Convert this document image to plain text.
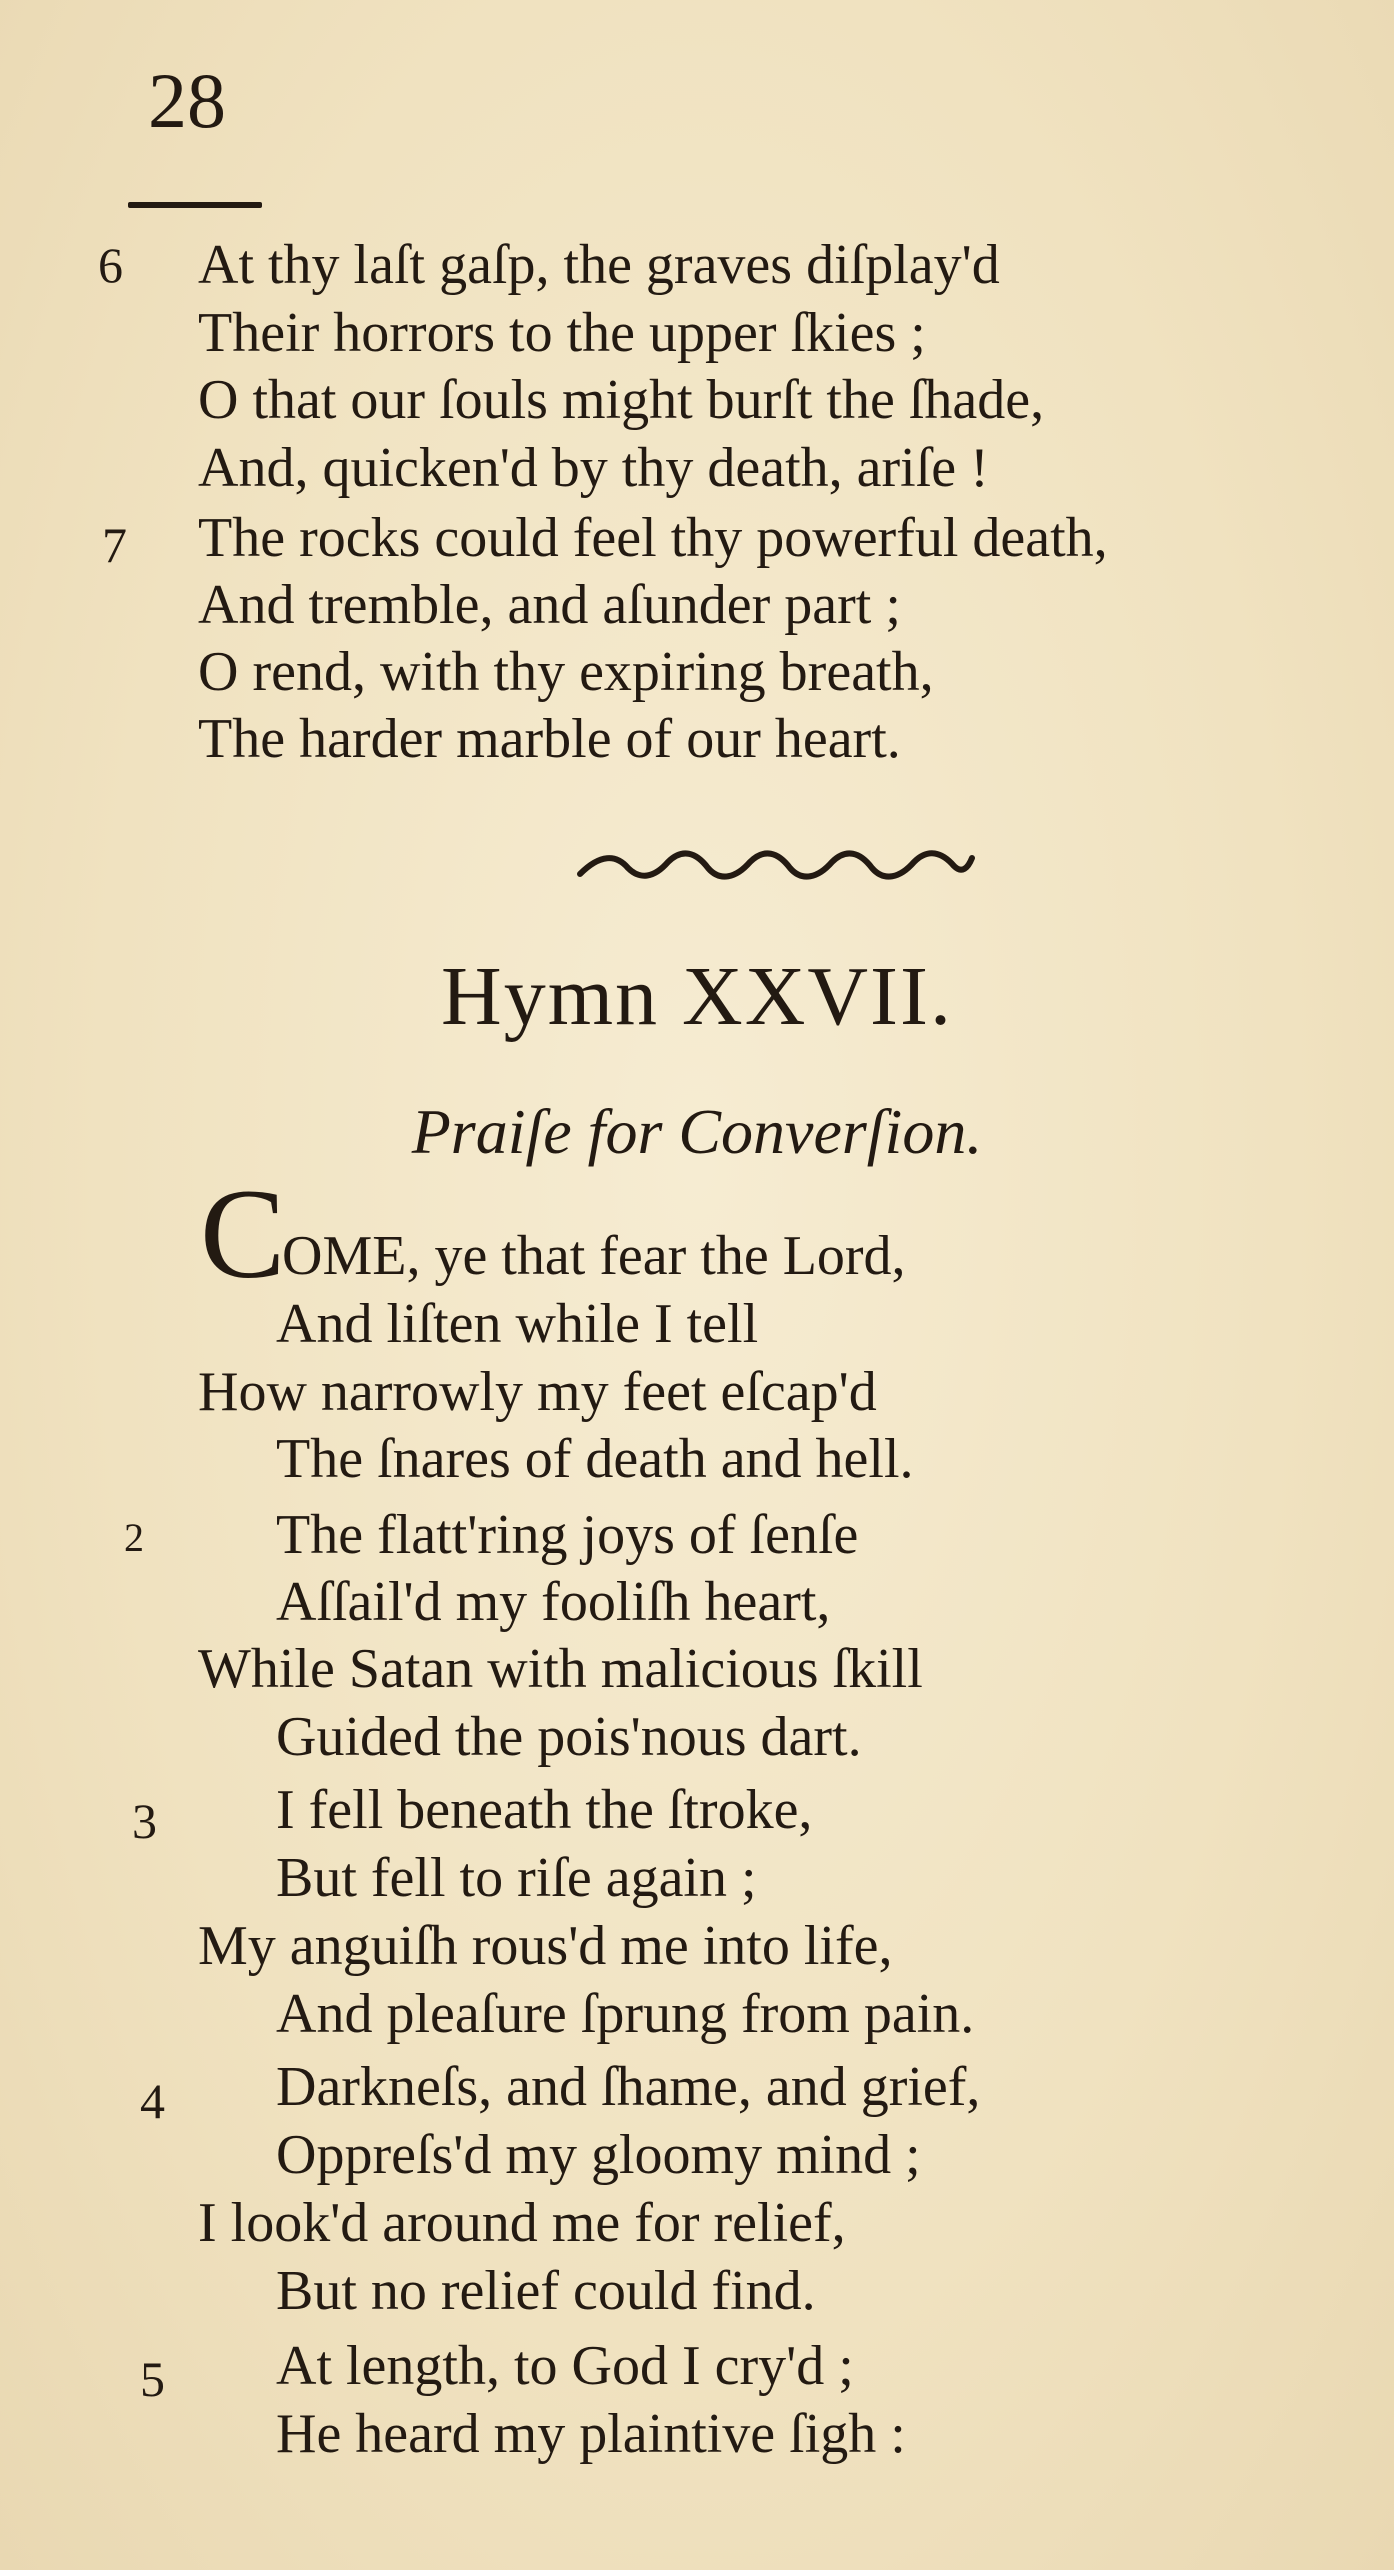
28
6 At thy laſt gaſp, the graves diſplay'd
Their horrors to the upper ſkies ;
O that our ſouls might burſt the ſhade,
And, quicken'd by thy death, ariſe !
7 The rocks could feel thy powerful death,
And tremble, and aſunder part ;
O rend, with thy expiring breath,
The harder marble of our heart.
Hymn XXVII.
Praiſe for Converſion.
C
OME, ye that fear the Lord,
And liſten while I tell
How narrowly my feet eſcap'd
The ſnares of death and hell.
2 The flatt'ring joys of ſenſe
Aſſail'd my fooliſh heart,
While Satan with malicious ſkill
Guided the pois'nous dart.
3 I fell beneath the ſtroke,
But fell to riſe again ;
My anguiſh rous'd me into life,
And pleaſure ſprung from pain.
4 Darkneſs, and ſhame, and grief,
Oppreſs'd my gloomy mind ;
I look'd around me for relief,
But no relief could find.
5 At length, to God I cry'd ;
He heard my plaintive ſigh :
